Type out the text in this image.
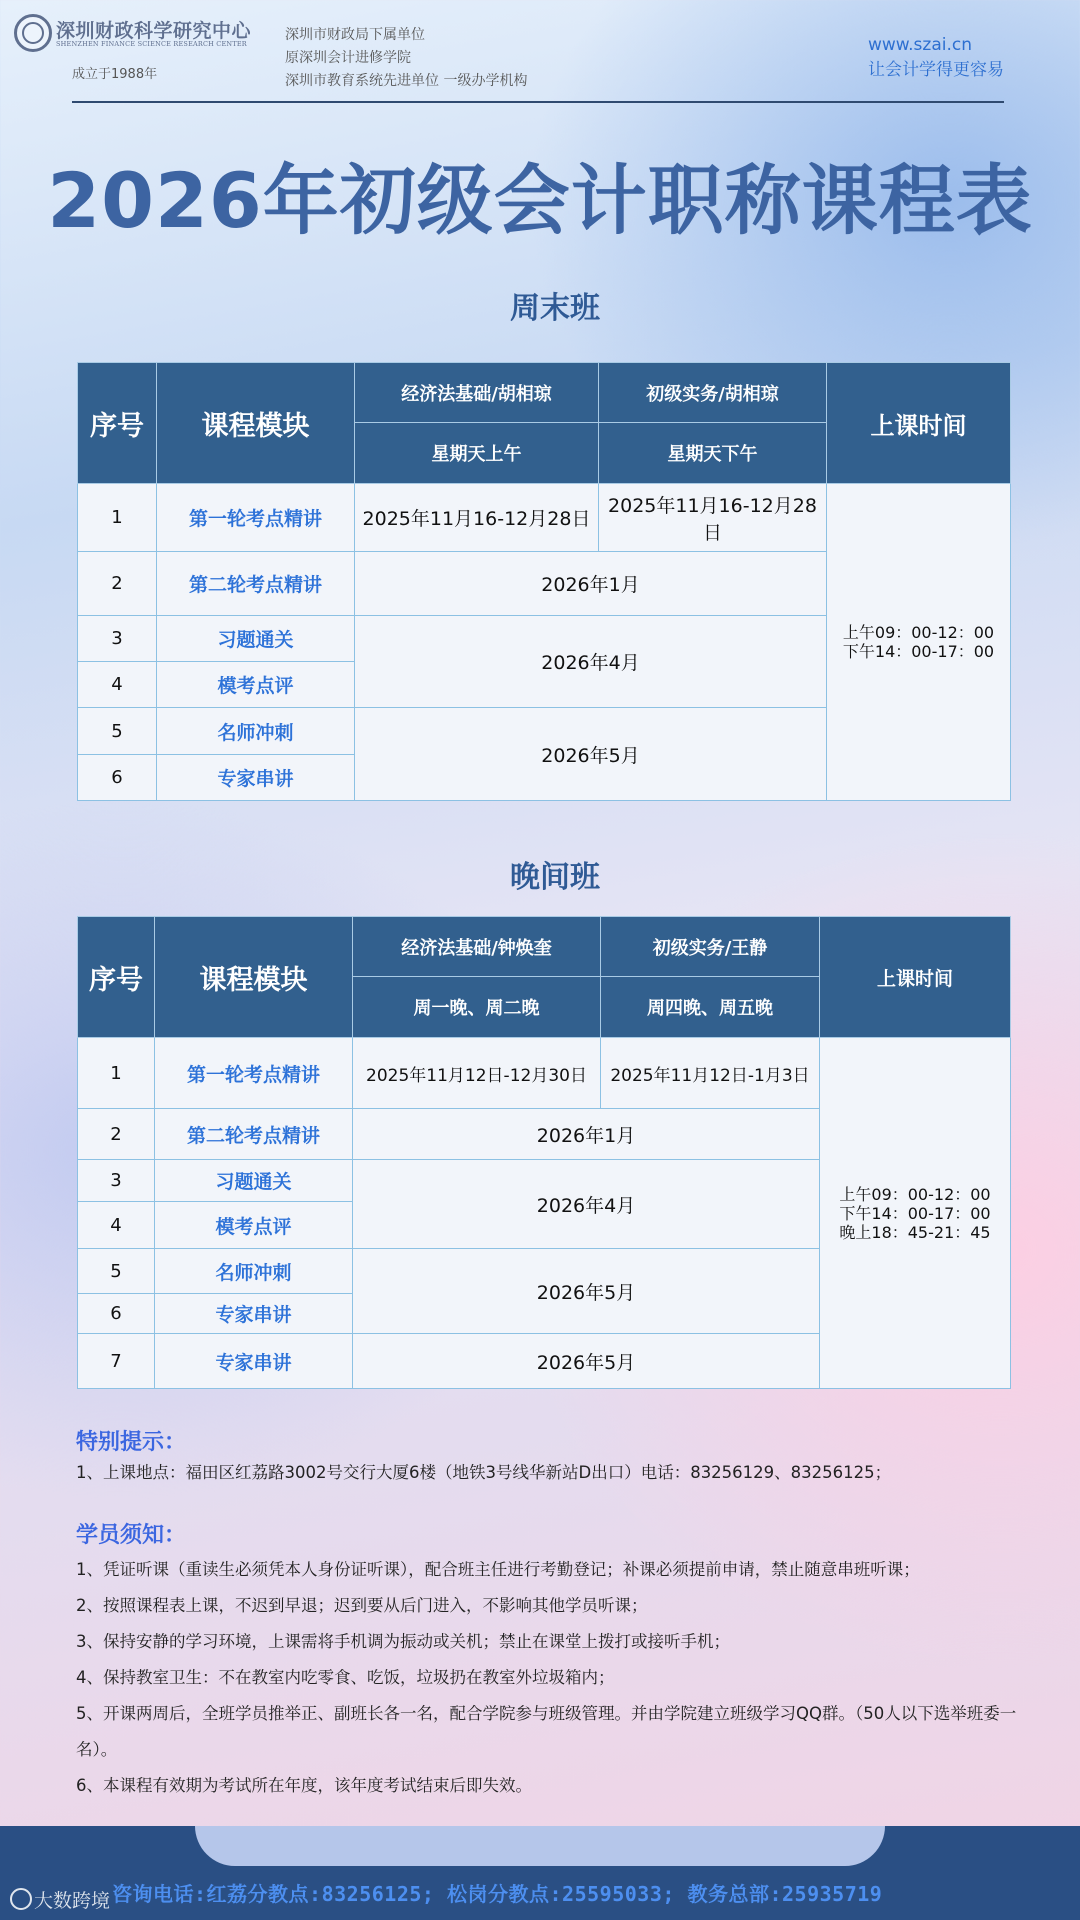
深圳财政科学研究中心
SHENZHEN FINANCE SCIENCE RESEARCH CENTER
成立于1988年
深圳市财政局下属单位
原深圳会计进修学院
深圳市教育系统先进单位 一级办学机构
www.szai.cn
让会计学得更容易
2026年初级会计职称课程表
周末班
序号	课程模块	经济法基础/胡相琼	初级实务/胡相琼	上课时间
		星期天上午	星期天下午	
1	第一轮考点精讲	2025年11月16-12月28日	2025年11月16-12月28日	上午09：00-12：00
下午14：00-17：00

2	第二轮考点精讲	2026年1月		
3	习题通关	2026年4月		
4	模考点评			
5	名师冲刺	2026年5月		
6	专家串讲			
晚间班
序号	课程模块	经济法基础/钟焕奎	初级实务/王静	上课时间
		周一晚、周二晚	周四晚、周五晚	
1	第一轮考点精讲	2025年11月12日-12月30日	2025年11月12日-1月3日	上午09：00-12：00
下午14：00-17：00
晚上18：45-21：45

2	第二轮考点精讲	2026年1月		
3	习题通关	2026年4月		
4	模考点评			
5	名师冲刺	2026年5月		
6	专家串讲			
7	专家串讲	2026年5月		
特别提示：
1、上课地点：福田区红荔路3002号交行大厦6楼（地铁3号线华新站D出口）电话：83256129、83256125；
学员须知：
1、凭证听课（重读生必须凭本人身份证听课），配合班主任进行考勤登记；补课必须提前申请，禁止随意串班听课；
2、按照课程表上课，不迟到早退；迟到要从后门进入，不影响其他学员听课；
3、保持安静的学习环境，上课需将手机调为振动或关机；禁止在课堂上拨打或接听手机；
4、保持教室卫生：不在教室内吃零食、吃饭，垃圾扔在教室外垃圾箱内；
5、开课两周后，全班学员推举正、副班长各一名，配合学院参与班级管理。并由学院建立班级学习QQ群。（50人以下选举班委一名）。
6、本课程有效期为考试所在年度，该年度考试结束后即失效。
咨询电话:红荔分教点:83256125; 松岗分教点:25595033; 教务总部:25935719
大数跨境
